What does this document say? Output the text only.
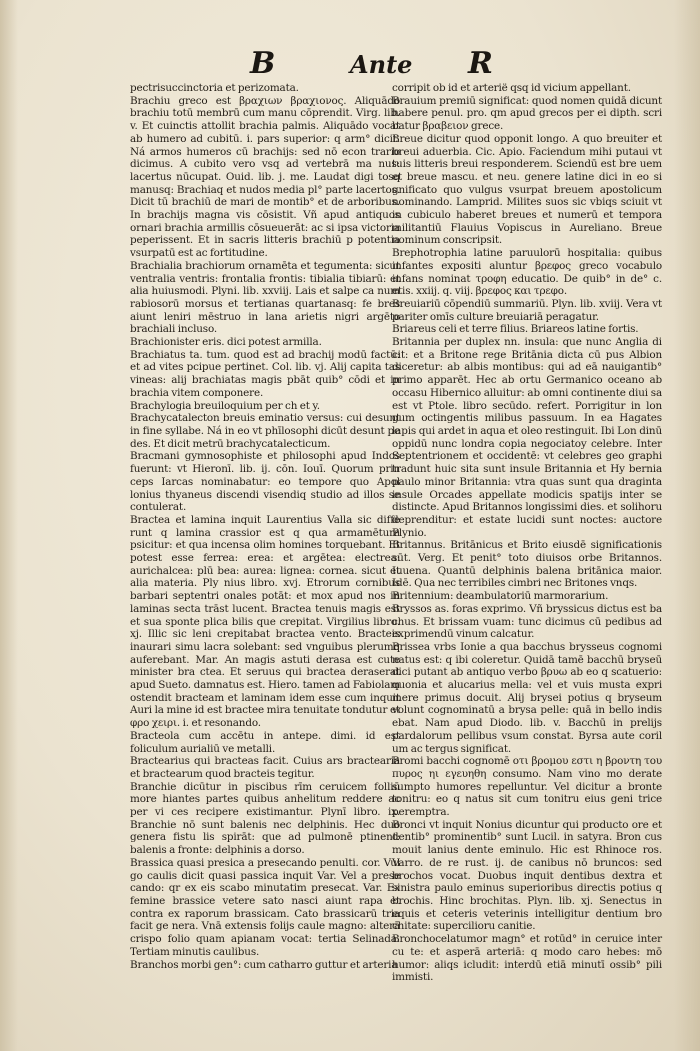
B	Ante R

pectrisuccinctoria et perizomata.

Brachiu greco est βραχιων βραχιονος. Aliquādo brachiu totū membrū cum manu cōprendit. Virg. lib. v. Et cuinctis attollit brachia palmis. Aliquādo vocat ab humero ad cubitū. i. pars superior: q arm° dicit. Ná armos humeros cū brachijs: sed nō econ trario dicimus. A cubito vero vsq ad vertebrā ma nus: lacertus nūcupat. Ouid. lib. j. me. Laudat digi tosq manusq: Brachiaq et nudos media pl° parte lacertos. Dicit tū brachiū de mari de montib° et de arboribus. In brachijs magna vis cōsistit. Vñ apud antiquos ornari brachia armillis cōsueuerāt: ac si ipsa victoria peperissent. Et in sacris litteris brachiū p potentia vsurpatū est ac fortitudine.

Brachialia brachiorum ornamēta et tegumenta: sicut ventralia ventris: frontalia frontis: tibialia tibiarū: et alia huiusmodi. Plyni. lib. xxviij. Lais et salpe ca num rabiosorū morsus et tertianas quartanasq: fe bres aiunt leniri mēstruo in lana arietis nigri argēto brachiali incluso.

Brachionister eris. dici potest armilla.

Brachiatus ta. tum. quod est ad brachij modū factū: et ad vites pcipue pertinet. Col. lib. vj. Alij capita tas vineas: alij brachiatas magis pbāt quib° cōdi et in brachia vitem componere.

Brachylogia breuiloquium per ch et y.

Brachycatalecton breuis eminatio versus: cui desunt in fine syllabe. Ná in eo vt phīlosophi dicūt desunt pe des. Et dicit metrū brachycatalecticum.

Bracmani gymnosophiste et philosophi apud Indos fuerunt: vt Hieronī. lib. ij. cōn. Iouī. Quorum prin ceps Iarcas nominabatur: eo tempore quo Apol lonius thyaneus discendi visendiq studio ad illos se contulerat.

Bractea et lamina inquit Laurentius Valla sic diffe runt q lamina crassior est q qua armamētura psicitur: et qua incensa olim homines torquebant. Et potest esse ferrea: erea: et argētea: electrea: aurichalcea: plū bea: aurea: lignea: cornea. sicut et alia materia. Ply nius libro. xvj. Etrorum cornibus barbari septentri onales potāt: et mox apud nos in laminas secta trāst lucent. Bractea tenuis magis est et sua sponte plica bilis que crepitat. Virgilius libro. xj. Illic sic leni crepitabat bractea vento. Bracteis inaurari simu lacra solebant: sed vnguibus plerumq auferebant. Mar. An magis astuti derasa est cute minister bra ctea. Et seruus qui bractea deraserat apud Sueto. damnatus est. Hiero. tamen ad Fabiolam ostendit bracteam et laminam idem esse cum inquit Auri la mine id est bractee mira tenuitate tondutur et φρο χειρι. i. et resonando.

Bracteola cum accētu in antepe. dimi. id est foliculum aurialiū ve metalli.

Bractearius qui bracteas facit. Cuius ars bractearia et bractearum quod bracteis tegitur.

Branchie dicūtur in piscibus rīm ceruicem folliū more hiantes partes quibus anhelitum reddere ac per vi ces recipere existimantur. Plynī libro. ix. Branchie nō sunt balenis nec delphinis. Hec duo genera fistu lis spirāt: que ad pulmonē ptinent: balenis a fronte: delphinis a dorso.

Brassica quasi presica a presecando penulti. cor. Vul go caulis dicit quasi passica inquit Var. Vel a prese cando: qr ex eis scabo minutatim presecat. Var. Ex femine brassice vetere sato nasci aiunt rapa et contra ex raporum brassicam. Cato brassicarū tria facit ge nera. Vnā extensis folijs caule magno: alterā crispo folio quam apianam vocat: tertia Selinada. Tertiam minutis caulibus.

Branchos morbi gen°: cum catharro guttur et arteria

corripit ob id et arterië qsq id vicium appellant.

Brauium premiū significat: quod nomen quidā dicunt habere penul. pro. qm apud grecos per ei dipth. scri batur βραβειον grece.

Breue dicitur quod opponit longo. A quo breuiter et breui aduerbia. Cic. Apio. Faciendum mihi putaui vt tuis litteris breui responderem. Sciendū est bre uem et breue mascu. et neu. genere latine dici in eo si gnificato quo vulgus vsurpat breuem apostolicum nominando. Lamprid. Milites suos sic vbiqs sciuit vt in cubiculo haberet breues et numerū et tempora militantiū Flauius Vopiscus in Aureliano. Breue nominum conscripsit.

Brephotrophia latine paruulorū hospitalia: quibus infantes expositi aluntur βρεφος greco vocabulo infans nominat τροφη educatio. De quib° in de° c. etis. xxiij. q. viij. βρεφος και τρεφο.

Breuiariū cōpendiū summariū. Plyn. lib. xviij. Vera vt pariter omīs culture breuiariā peragatur.

Briareus celi et terre filius. Briareos latine fortis.

Britannia per duplex nn. insula: que nunc Anglia di cit: et a Britone rege Britānia dicta cū pus Albion diceretur: ab albis montibus: qui ad eā nauigantib° primo apparēt. Hec ab ortu Germanico oceano ab occasu Hibernico alluitur: ab omni continente diui sa est vt Ptole. libro secūdo. refert. Porrigitur in lon gum octingentis milibus passuum. In ea Hagates lapis qui ardet in aqua et oleo restinguit. Ibi Lon dinū oppidū nunc londra copia negociatoy celebre. Inter Septentrionem et occidentē: vt celebres geo graphi tradunt huic sita sunt insule Britannia et Hy bernia paulo minor Britannia: vtra quas sunt qua draginta insule Orcades appellate modicis spatijs inter se distincte. Apud Britannos longissimi dies. et solihoru deprenditur: et estate lucidi sunt noctes: auctore Plynio.

Britannus. Britānicus et Brito eiusdē significationis sūt. Verg. Et penit° toto diuisos orbe Britannos. Iuuena. Quantū delphinis balena britānica maior. Idē. Qua nec terribiles cimbri nec Britones vnqs.

Britennium: deambulatoriū marmorarium.

Bryssos as. foras exprimo. Vñ bryssicus dictus est ba chus. Et brissam vuam: tunc dicimus cū pedibus ad exprimendū vinum calcatur.

Brissea vrbs Ionie a qua bacchus brysseus cognomi natus est: q ibi coleretur. Quidā tamē bacchū bryseū dici putant ab antiquo verbo βρυω ab eo q scatuerio: quonia et alucarius mella: vel et vuis musta expri mere primus docuit. Alij brysei potius q bryseum volunt cognominatū a brysa pelle: quā in bello indis ebat. Nam apud Diodo. lib. v. Bacchū in prelijs pardalorum pellibus vsum constat. Byrsa aute coril um ac tergus significat.

Bromi bacchi cognomē οτι βρομου εστι η βροντη του πυρος ηι εγευηθη consumo. Nam vino mo derate sumpto humores repelluntur. Vel dicitur a bronte tonitru: eo q natus sit cum tonitru eius geni trice peremptra.

Bronci vt inquit Nonius dicuntur qui producto ore et dentib° prominentib° sunt Lucil. in satyra. Bron cus mouit lanius dente eminulo. Hic est Rhinoce ros. Varro. de re rust. ij. de canibus nō bruncos: sed brochos vocat. Duobus inquit dentibus dextra et sinistra paulo eminus superioribus directis potius q brochis. Hinc brochitas. Plyn. lib. xj. Senectus in equis et ceteris veterinis intelligitur dentium bro chitate: supercilioru canitie.

Bronchocelatumor magn° et rotūd° in ceruice inter cu te: et asperā arteriā: q modo caro hebes: mō humor: aliqs icludit: interdū etiā minutī ossib° pili immisti.
